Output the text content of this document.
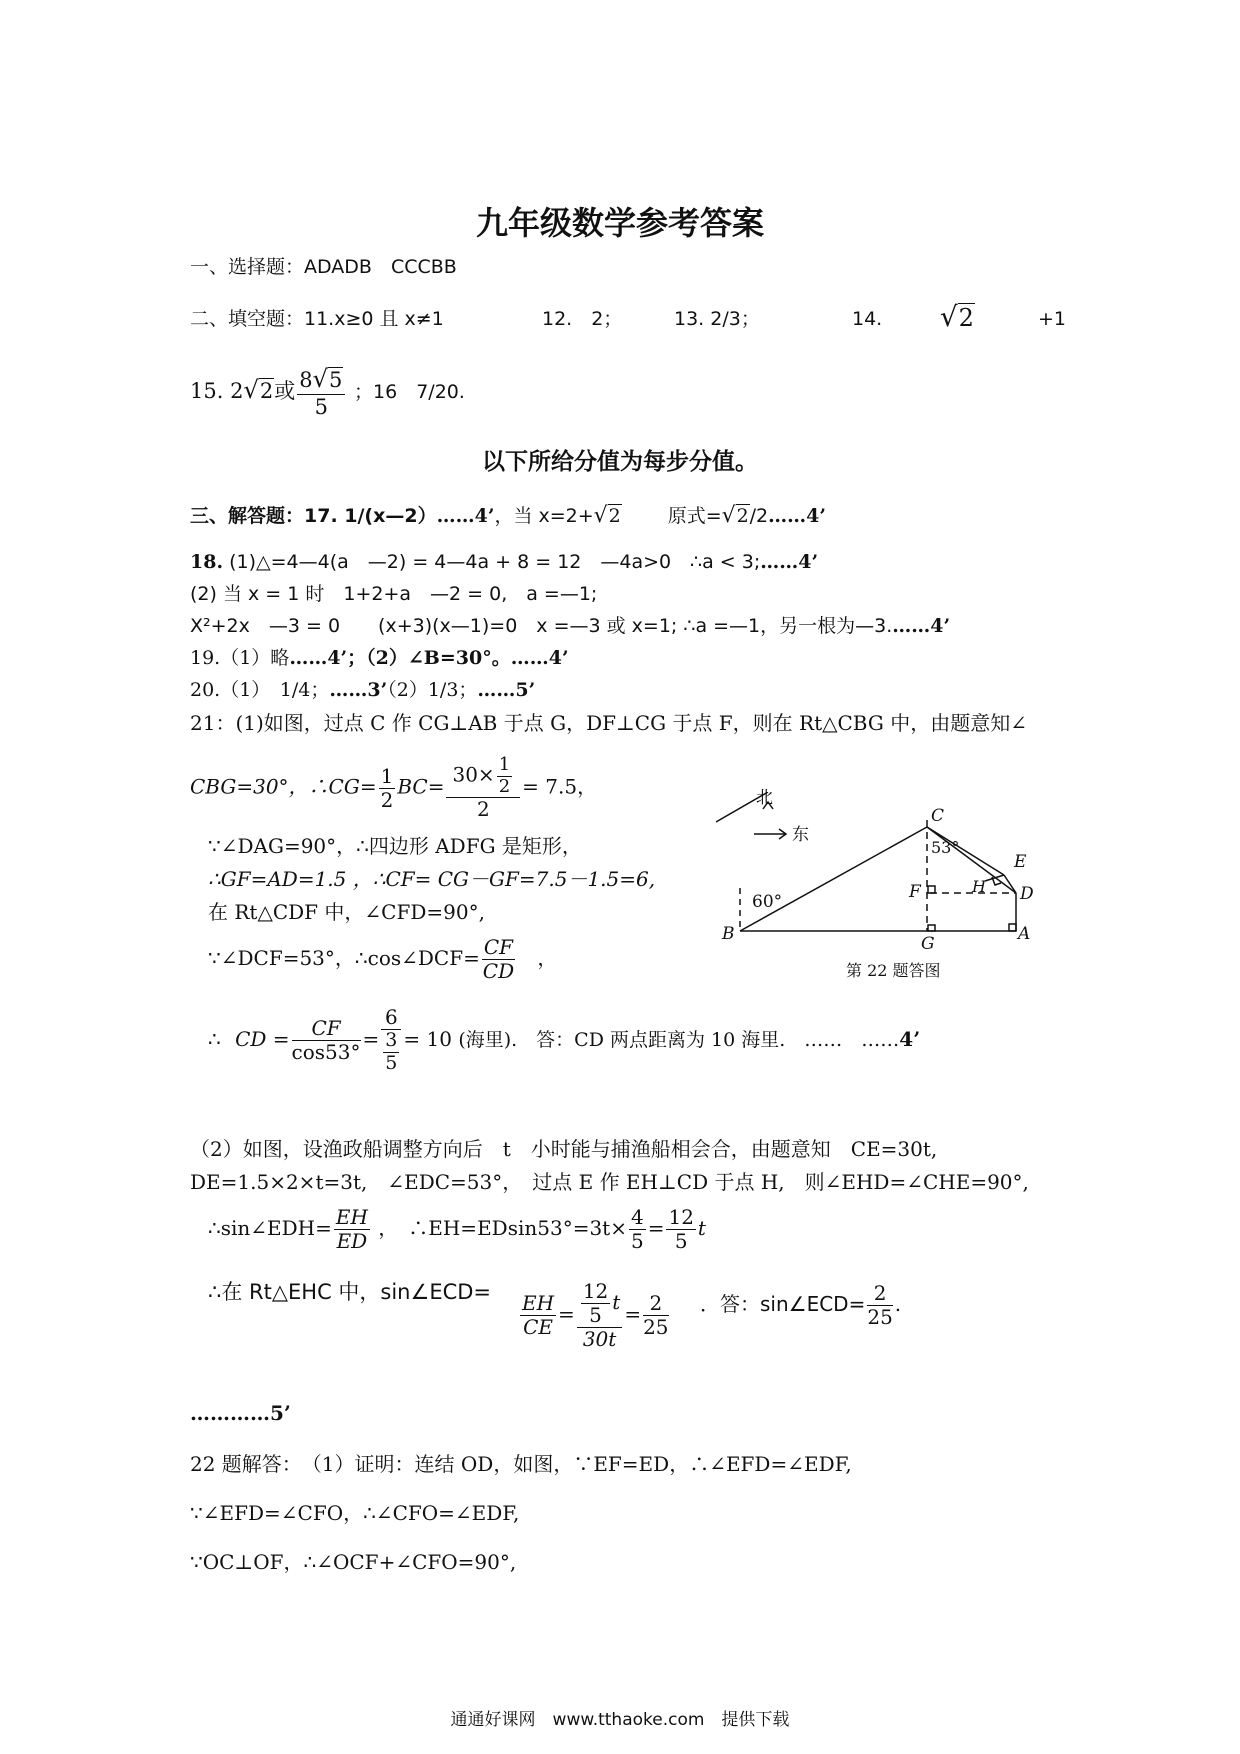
九年级数学参考答案
一、选择题：ADADB　CCCBB
二、填空题：11.x≥0 且 x≠1	12.　2；	13. 2/3；	14. √2	+1
15. 2√2或 $\frac{8√5}{5}$ ；16　7/20.
以下所给分值为每步分值。
三、解答题：17. 1/(x—2）……4’，当 x=2+√2 原式=√2/2……4’
18. (1)△=4—4(a　—2) = 4—4a + 8 = 12　—4a>0 ∴a < 3;……4’
(2) 当 x = 1 时　1+2+a　—2 = 0,　a =—1;
X²+2x　—3 = 0　　(x+3)(x—1)=0　x =—3 或 x=1; ∴a =—1，另一根为—3.……4’
19.（1）略……4’；（2）∠B=30°。……4’
20.（1）　1/4；……3’（2）1/3；……5’
21：(1)如图，过点 C 作 CG⊥AB 于点 G，DF⊥CG 于点 F，则在 Rt△CBG 中，由题意知∠
CBG=30°，∴CG= $\frac{1}{2} BC= \frac{30\times \frac{1}{2}}{2} = 7.5$，
∵∠DAG=90°，∴四边形 ADFG 是矩形，
∴GF=AD=1.5 ，∴CF= CG－GF=7.5－1.5=6,
在 Rt△CDF 中，∠CFD=90°,
∵∠DCF=53°，∴cos∠DCF= $\frac{CF}{CD}$ ，
∴ CD = $\frac{CF}{\cos 53^\circ} = 6$
3
5 = 10 (海里).　答：CD 两点距离为 10 海里.　……　……4’
北
东
60°
53°
C
E
F	H D
B	G	A
第 22 题答图
（2）如图，设渔政船调整方向后　t　小时能与捕渔船相会合，由题意知　CE=30t,
DE=1.5×2×t=3t,　∠EDC=53°，　过点 E 作 EH⊥CD 于点 H,　则∠EHD=∠CHE=90°,
∴sin∠EDH= $\frac{EH}{ED}$ ，　∴EH=EDsin53°=3t× $\frac{4}{5} = \frac{12}{5}$ t
∴在 Rt△EHC 中，sin∠ECD= $\frac{EH}{CE} = \frac{\frac{12}{5} t}{30t} = \frac{2}{25}$ ．答：sin∠ECD= $\frac{2}{25}$ .
…………5’
22 题解答：　（1）证明：连结 OD，如图，∵EF=ED，∴∠EFD=∠EDF,
∵∠EFD=∠CFO，∴∠CFO=∠EDF,
∵OC⊥OF，∴∠OCF+∠CFO=90°,
通通好课网　www.tthaoke.com　提供下载
